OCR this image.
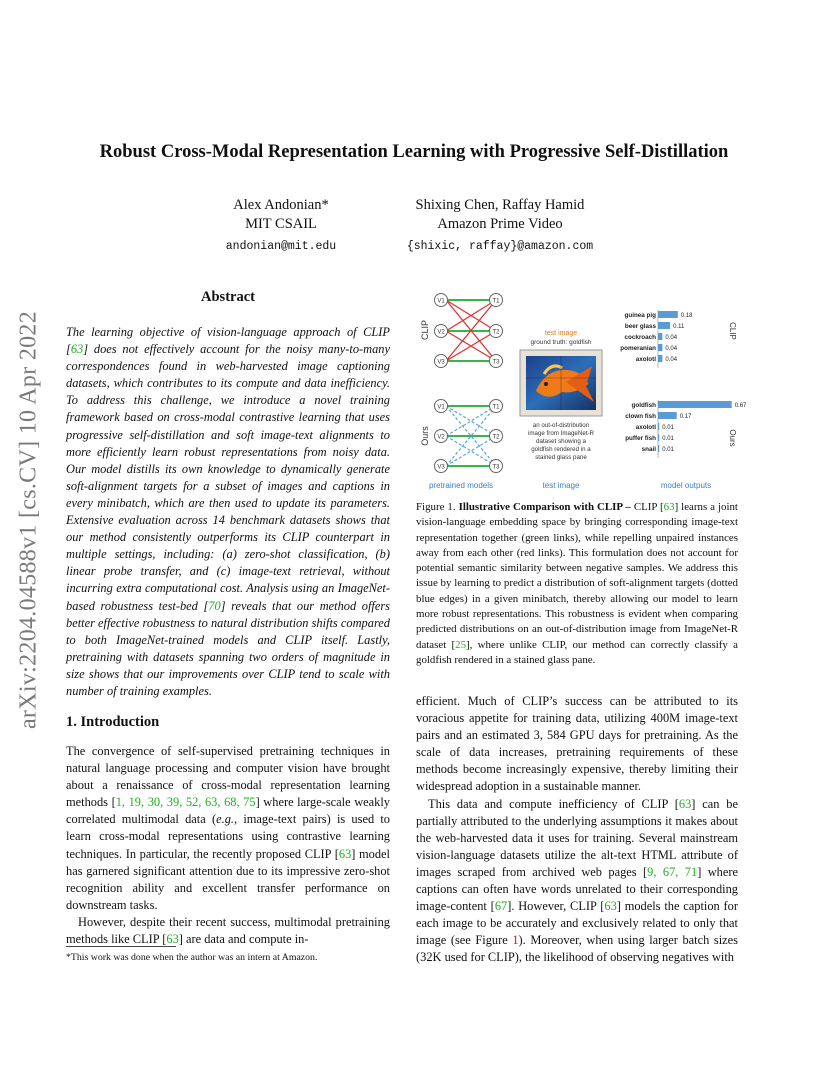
arXiv:2204.04588v1 [cs.CV] 10 Apr 2022
Robust Cross-Modal Representation Learning with Progressive Self-Distillation
Alex Andonian*
MIT CSAIL
andonian@mit.edu
Shixing Chen, Raffay Hamid
Amazon Prime Video
{shixic, raffay}@amazon.com
Abstract

The learning objective of vision-language approach of CLIP [63] does not effectively account for the noisy many-to-many correspondences found in web-harvested image captioning datasets, which contributes to its compute and data inefficiency. To address this challenge, we introduce a novel training framework based on cross-modal contrastive learning that uses progressive self-distillation and soft image-text alignments to more efficiently learn robust representations from noisy data. Our model distills its own knowledge to dynamically generate soft-alignment targets for a subset of images and captions in every minibatch, which are then used to update its parameters. Extensive evaluation across 14 benchmark datasets shows that our method consistently outperforms its CLIP counterpart in multiple settings, including: (a) zero-shot classification, (b) linear probe transfer, and (c) image-text retrieval, without incurring extra computational cost. Analysis using an ImageNet-based robustness test-bed [70] reveals that our method offers better effective robustness to natural distribution shifts compared to both ImageNet-trained models and CLIP itself. Lastly, pretraining with datasets spanning two orders of magnitude in size shows that our improvements over CLIP tend to scale with number of training examples.

1. Introduction

The convergence of self-supervised pretraining techniques in natural language processing and computer vision have brought about a renaissance of cross-modal representation learning methods [1, 19, 30, 39, 52, 63, 68, 75] where large-scale weakly correlated multimodal data (e.g., image-text pairs) is used to learn cross-modal representations using contrastive learning techniques. In particular, the recently proposed CLIP [63] model has garnered significant attention due to its impressive zero-shot recognition ability and excellent transfer performance on downstream tasks.

However, despite their recent success, multimodal pretraining methods like CLIP [63] are data and compute in-

*This work was done when the author was an intern at Amazon.
CLIP
Ours
V1
V2
V3
T1
T2
T3
V1
V2
V3
T1
T2
T3
test image
ground truth: goldfish
an out-of-distribution
image from ImageNet-R
dataset showing a
goldfish rendered in a
stained glass pane
guinea pig	0.18
beer glass	0.11
cockroach 0.04
pomeranian 0.04
axolotl 0.04
goldfish	0.67
clown fish	0.17
axolotl 0.01
puffer fish 0.01
snail 0.01
CLIP
Ours
pretrained models	test image	model outputs
Figure 1. Illustrative Comparison with CLIP – CLIP [63] learns a joint vision-language embedding space by bringing corresponding image-text representation together (green links), while repelling unpaired instances away from each other (red links). This formulation does not account for potential semantic similarity between negative samples. We address this issue by learning to predict a distribution of soft-alignment targets (dotted blue edges) in a given minibatch, thereby allowing our model to learn more robust representations. This robustness is evident when comparing predicted distributions on an out-of-distribution image from ImageNet-R dataset [25], where unlike CLIP, our method can correctly classify a goldfish rendered in a stained glass pane.

efficient. Much of CLIP’s success can be attributed to its voracious appetite for training data, utilizing 400M image-text pairs and an estimated 3, 584 GPU days for pretraining. As the scale of data increases, pretraining requirements of these methods become increasingly expensive, thereby limiting their widespread adoption in a sustainable manner.

This data and compute inefficiency of CLIP [63] can be partially attributed to the underlying assumptions it makes about the web-harvested data it uses for training. Several mainstream vision-language datasets utilize the alt-text HTML attribute of images scraped from archived web pages [9, 67, 71] where captions can often have words unrelated to their corresponding image-content [67]. However, CLIP [63] models the caption for each image to be accurately and exclusively related to only that image (see Figure 1). Moreover, when using larger batch sizes (32K used for CLIP), the likelihood of observing negatives with
